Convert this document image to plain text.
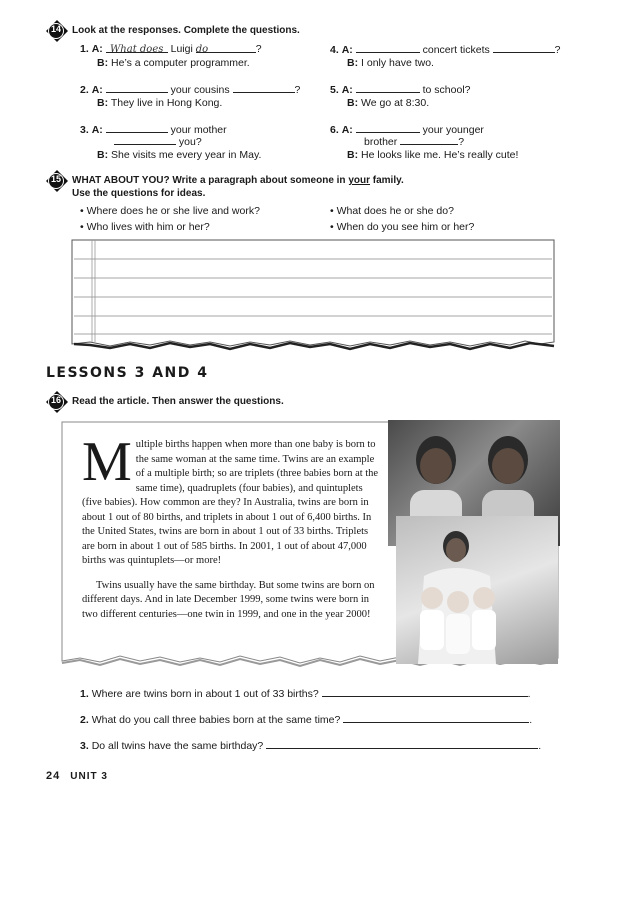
14	Look at the responses. Complete the questions.
1. A: What does Luigi do	?
B: He’s a computer programmer.
2. A:	your cousins	?
B: They live in Hong Kong.
3. A:	your mother
you?
B: She visits me every year in May.
4. A:	concert tickets	?
B: I only have two.
5. A:	to school?
B: We go at 8:30.
6. A:	your younger
brother	?
B: He looks like me. He’s really cute!
15	WHAT ABOUT YOU? Write a paragraph about someone in your family.
Use the questions for ideas.
• Where does he or she live and work?
• Who lives with him or her?
• What does he or she do?
• When do you see him or her?
LESSONS 3 AND 4
16	Read the article. Then answer the questions.

Multiple births happen when more than one baby is born to the same woman at the same time. Twins are an example of a multiple birth; so are triplets (three babies born at the same time), quadruplets (four babies), and quintuplets (five babies). How common are they? In Australia, twins are born in about 1 out of 80 births, and triplets in about 1 out of 6,400 births. In the United States, twins are born in about 1 out of 33 births. Triplets are born in about 1 out of 585 births. In 2001, 1 out of about 47,000 births was quintuplets—or more!

Twins usually have the same birthday. But some twins are born on different days. And in late December 1999, some twins were born in two different centuries—one twin in 1999, and one in the year 2000!

1. Where are twins born in about 1 out of 33 births?	.
2. What do you call three babies born at the same time?	.
3. Do all twins have the same birthday?	.
24 UNIT 3
